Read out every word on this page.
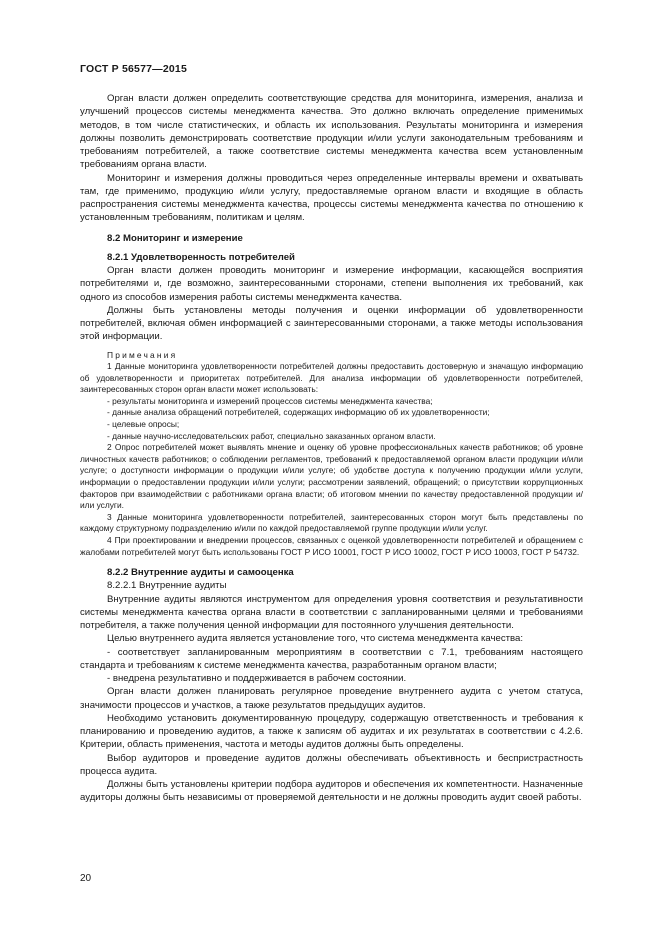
ГОСТ Р 56577—2015

Орган власти должен определить соответствующие средства для мониторинга, измерения, анализа и улучшений процессов системы менеджмента качества. Это должно включать определение применимых методов, в том числе статистических, и область их использования. Результаты мониторинга и измерения должны позволить демонстрировать соответствие продукции и/или услуги законодательным требованиям и требованиям потребителей, а также соответствие системы менеджмента качества всем установленным требованиям органа власти.

Мониторинг и измерения должны проводиться через определенные интервалы времени и охватывать там, где применимо, продукцию и/или услугу, предоставляемые органом власти и входящие в область распространения системы менеджмента качества, процессы системы менеджмента качества по отношению к установленным требованиям, политикам и целям.

8.2 Мониторинг и измерение

8.2.1 Удовлетворенность потребителей

Орган власти должен проводить мониторинг и измерение информации, касающейся восприятия потребителями и, где возможно, заинтересованными сторонами, степени выполнения их требований, как одного из способов измерения работы системы менеджмента качества.

Должны быть установлены методы получения и оценки информации об удовлетворенности потребителей, включая обмен информацией с заинтересованными сторонами, а также методы использования этой информации.

Примечания

1 Данные мониторинга удовлетворенности потребителей должны предоставить достоверную и значащую информацию об удовлетворенности и приоритетах потребителей. Для анализа информации об удовлетворенности потребителей, заинтересованных сторон орган власти может использовать:

- результаты мониторинга и измерений процессов системы менеджмента качества;

- данные анализа обращений потребителей, содержащих информацию об их удовлетворенности;

- целевые опросы;

- данные научно-исследовательских работ, специально заказанных органом власти.

2 Опрос потребителей может выявлять мнение и оценку об уровне профессиональных качеств работников; об уровне личностных качеств работников; о соблюдении регламентов, требований к предоставляемой органом власти продукции и/или услуге; о доступности информации о продукции и/или услуге; об удобстве доступа к получению продукции и/или услуги, информации о предоставлении продукции и/или услуги; рассмотрении заявлений, обращений; о присутствии коррупционных факторов при взаимодействии с работниками органа власти; об итоговом мнении по качеству предоставленной продукции и/или услуги.

3 Данные мониторинга удовлетворенности потребителей, заинтересованных сторон могут быть представлены по каждому структурному подразделению и/или по каждой предоставляемой группе продукции и/или услуг.

4 При проектировании и внедрении процессов, связанных с оценкой удовлетворенности потребителей и обращением с жалобами потребителей могут быть использованы ГОСТ Р ИСО 10001, ГОСТ Р ИСО 10002, ГОСТ Р ИСО 10003, ГОСТ Р 54732.

8.2.2 Внутренние аудиты и самооценка

8.2.2.1 Внутренние аудиты

Внутренние аудиты являются инструментом для определения уровня соответствия и результативности системы менеджмента качества органа власти в соответствии с запланированными целями и требованиями потребителя, а также получения ценной информации для постоянного улучшения деятельности.

Целью внутреннего аудита является установление того, что система менеджмента качества:

- соответствует запланированным мероприятиям в соответствии с 7.1, требованиям настоящего стандарта и требованиям к системе менеджмента качества, разработанным органом власти;

- внедрена результативно и поддерживается в рабочем состоянии.

Орган власти должен планировать регулярное проведение внутреннего аудита с учетом статуса, значимости процессов и участков, а также результатов предыдущих аудитов.

Необходимо установить документированную процедуру, содержащую ответственность и требования к планированию и проведению аудитов, а также к записям об аудитах и их результатах в соответствии с 4.2.6. Критерии, область применения, частота и методы аудитов должны быть определены.

Выбор аудиторов и проведение аудитов должны обеспечивать объективность и беспристрастность процесса аудита.

Должны быть установлены критерии подбора аудиторов и обеспечения их компетентности. Назначенные аудиторы должны быть независимы от проверяемой деятельности и не должны проводить аудит своей работы.

20
